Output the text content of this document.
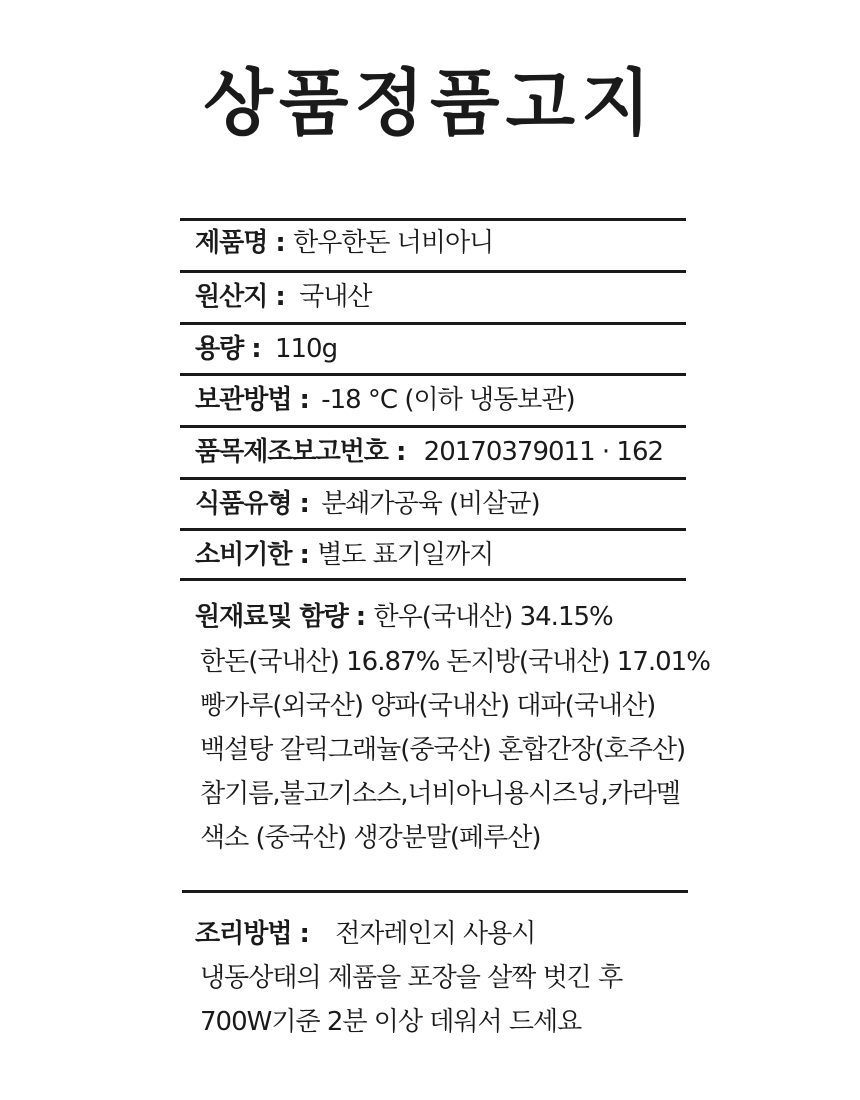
상품정품고지
제품명 : 한우한돈 너비아니
원산지 : 국내산
용량 : 110g
보관방법 : -18 °C (이하 냉동보관)
품목제조보고번호 : 20170379011 · 162
식품유형 : 분쇄가공육 (비살균)
소비기한 : 별도 표기일까지
원재료및 함량 : 한우(국내산) 34.15%
한돈(국내산) 16.87% 돈지방(국내산) 17.01%
빵가루(외국산) 양파(국내산) 대파(국내산)
백설탕 갈릭그래뉼(중국산) 혼합간장(호주산)
참기름,불고기소스,너비아니용시즈닝,카라멜
색소 (중국산) 생강분말(페루산)
조리방법 : 전자레인지 사용시
냉동상태의 제품을 포장을 살짝 벗긴 후
700W기준 2분 이상 데워서 드세요
